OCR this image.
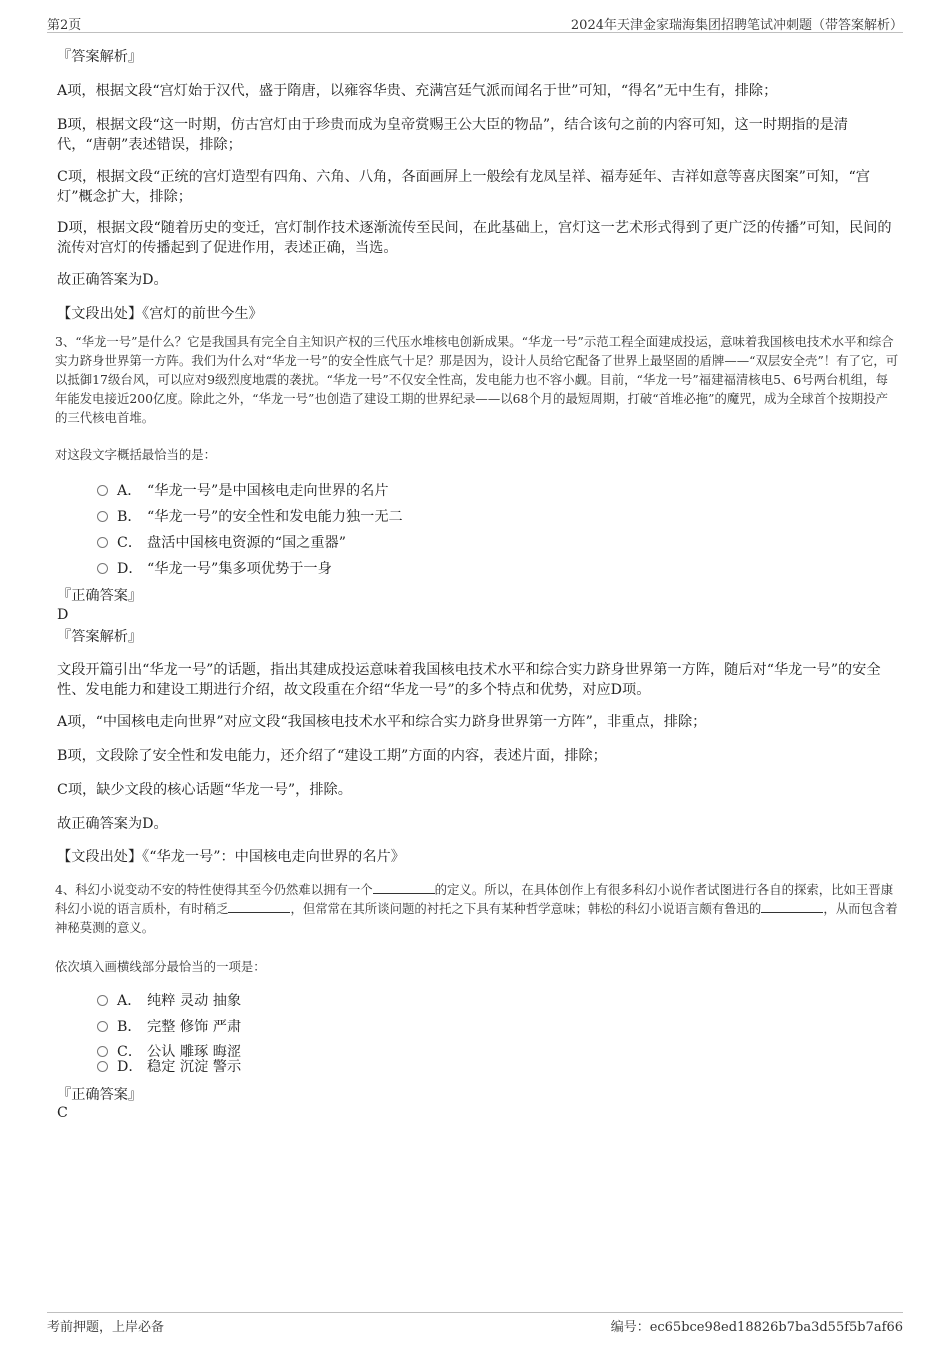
第2页	2024年天津金家瑞海集团招聘笔试冲刺题（带答案解析）
『答案解析』
A项，根据文段“宫灯始于汉代，盛于隋唐，以雍容华贵、充满宫廷气派而闻名于世”可知，“得名”无中生有，排除；
B项，根据文段“这一时期，仿古宫灯由于珍贵而成为皇帝赏赐王公大臣的物品”，结合该句之前的内容可知，这一时期指的是清代，“唐朝”表述错误，排除；
C项，根据文段“正统的宫灯造型有四角、六角、八角，各面画屏上一般绘有龙凤呈祥、福寿延年、吉祥如意等喜庆图案”可知，“宫灯”概念扩大，排除；
D项，根据文段“随着历史的变迁，宫灯制作技术逐渐流传至民间，在此基础上，宫灯这一艺术形式得到了更广泛的传播”可知，民间的流传对宫灯的传播起到了促进作用，表述正确，当选。
故正确答案为D。
【文段出处】《宫灯的前世今生》
3、“华龙一号”是什么？它是我国具有完全自主知识产权的三代压水堆核电创新成果。“华龙一号”示范工程全面建成投运，意味着我国核电技术水平和综合实力跻身世界第一方阵。我们为什么对“华龙一号”的安全性底气十足？那是因为，设计人员给它配备了世界上最坚固的盾牌——“双层安全壳”！有了它，可以抵御17级台风，可以应对9级烈度地震的袭扰。“华龙一号”不仅安全性高，发电能力也不容小觑。目前，“华龙一号”福建福清核电5、6号两台机组，每年能发电接近200亿度。除此之外，“华龙一号”也创造了建设工期的世界纪录——以68个月的最短周期，打破“首堆必拖”的魔咒，成为全球首个按期投产的三代核电首堆。
对这段文字概括最恰当的是：
A． “华龙一号”是中国核电走向世界的名片
B． “华龙一号”的安全性和发电能力独一无二
C． 盘活中国核电资源的“国之重器”
D． “华龙一号”集多项优势于一身
『正确答案』
D
『答案解析』
文段开篇引出“华龙一号”的话题，指出其建成投运意味着我国核电技术水平和综合实力跻身世界第一方阵，随后对“华龙一号”的安全性、发电能力和建设工期进行介绍，故文段重在介绍“华龙一号”的多个特点和优势，对应D项。
A项，“中国核电走向世界”对应文段“我国核电技术水平和综合实力跻身世界第一方阵”，非重点，排除；
B项，文段除了安全性和发电能力，还介绍了“建设工期”方面的内容，表述片面，排除；
C项，缺少文段的核心话题“华龙一号”，排除。
故正确答案为D。
【文段出处】《“华龙一号”：中国核电走向世界的名片》
4、科幻小说变动不安的特性使得其至今仍然难以拥有一个	的定义。所以，在具体创作上有很多科幻小说作者试图进行各自的探索，比如王晋康科幻小说的语言质朴，有时稍乏	，但常常在其所谈问题的衬托之下具有某种哲学意味；韩松的科幻小说语言颇有鲁迅的	，从而包含着神秘莫测的意义。
依次填入画横线部分最恰当的一项是：
A． 纯粹 灵动 抽象
B． 完整 修饰 严肃
C． 公认 雕琢 晦涩
D． 稳定 沉淀 警示
『正确答案』
C
考前押题，上岸必备	编号：ec65bce98ed18826b7ba3d55f5b7af66
